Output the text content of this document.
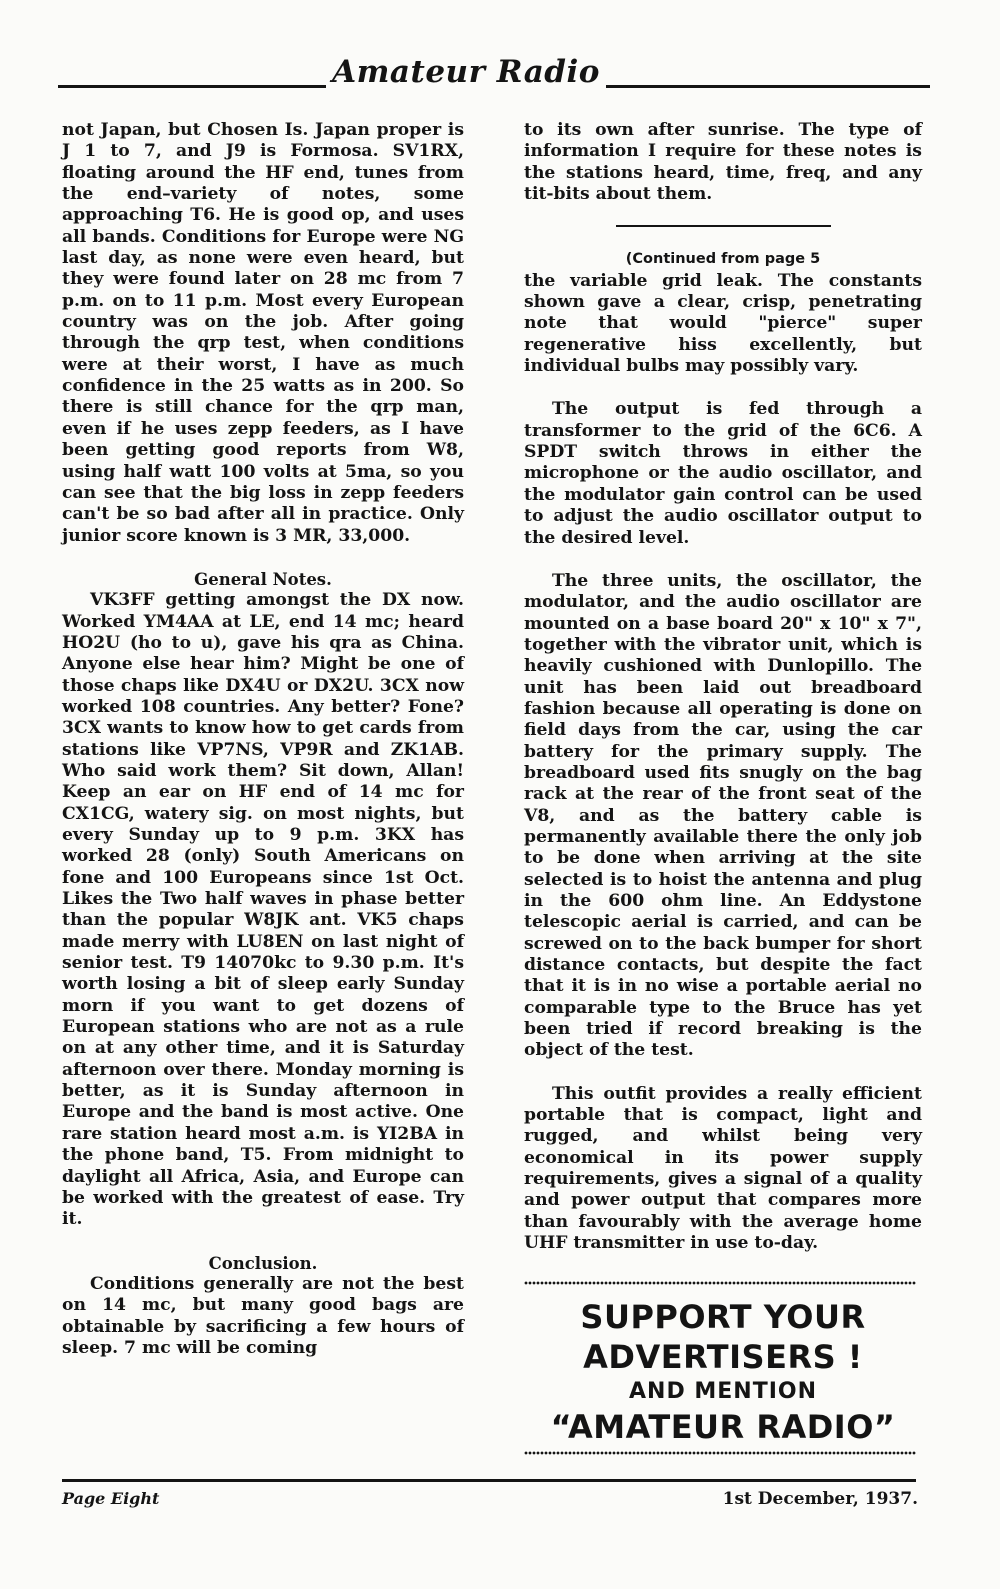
Amateur Radio

not Japan, but Chosen Is. Japan proper is J 1 to 7, and J9 is Formosa. SV1RX, floating around the HF end, tunes from the end–variety of notes, some approaching T6. He is good op, and uses all bands. Conditions for Europe were NG last day, as none were even heard, but they were found later on 28 mc from 7 p.m. on to 11 p.m. Most every European country was on the job. After going through the qrp test, when conditions were at their worst, I have as much confidence in the 25 watts as in 200. So there is still chance for the qrp man, even if he uses zepp feeders, as I have been getting good reports from W8, using half watt 100 volts at 5ma, so you can see that the big loss in zepp feeders can't be so bad after all in practice. Only junior score known is 3 MR, 33,000.

General Notes.

VK3FF getting amongst the DX now. Worked YM4AA at LE, end 14 mc; heard HO2U (ho to u), gave his qra as China. Anyone else hear him? Might be one of those chaps like DX4U or DX2U. 3CX now worked 108 countries. Any better? Fone? 3CX wants to know how to get cards from stations like VP7NS, VP9R and ZK1AB. Who said work them? Sit down, Allan! Keep an ear on HF end of 14 mc for CX1CG, watery sig. on most nights, but every Sunday up to 9 p.m. 3KX has worked 28 (only) South Americans on fone and 100 Europeans since 1st Oct. Likes the Two half waves in phase better than the popular W8JK ant. VK5 chaps made merry with LU8EN on last night of senior test. T9 14070kc to 9.30 p.m. It's worth losing a bit of sleep early Sunday morn if you want to get dozens of European stations who are not as a rule on at any other time, and it is Saturday afternoon over there. Monday morning is better, as it is Sunday afternoon in Europe and the band is most active. One rare station heard most a.m. is YI2BA in the phone band, T5. From midnight to daylight all Africa, Asia, and Europe can be worked with the greatest of ease. Try it.

Conclusion.

Conditions generally are not the best on 14 mc, but many good bags are obtainable by sacrificing a few hours of sleep. 7 mc will be coming

to its own after sunrise. The type of information I require for these notes is the stations heard, time, freq, and any tit-bits about them.

(Continued from page 5

the variable grid leak. The constants shown gave a clear, crisp, penetrating note that would "pierce" super regenerative hiss excellently, but individual bulbs may possibly vary.

The output is fed through a transformer to the grid of the 6C6. A SPDT switch throws in either the microphone or the audio oscillator, and the modulator gain control can be used to adjust the audio oscillator output to the desired level.

The three units, the oscillator, the modulator, and the audio oscillator are mounted on a base board 20" x 10" x 7", together with the vibrator unit, which is heavily cushioned with Dunlopillo. The unit has been laid out breadboard fashion because all operating is done on field days from the car, using the car battery for the primary supply. The breadboard used fits snugly on the bag rack at the rear of the front seat of the V8, and as the battery cable is permanently available there the only job to be done when arriving at the site selected is to hoist the antenna and plug in the 600 ohm line. An Eddystone telescopic aerial is carried, and can be screwed on to the back bumper for short distance contacts, but despite the fact that it is in no wise a portable aerial no comparable type to the Bruce has yet been tried if record breaking is the object of the test.

This outfit provides a really efficient portable that is compact, light and rugged, and whilst being very economical in its power supply requirements, gives a signal of a quality and power output that compares more than favourably with the average home UHF transmitter in use to-day.

SUPPORT YOUR
ADVERTISERS !
AND MENTION
“AMATEUR RADIO”
Page Eight	1st December, 1937.
